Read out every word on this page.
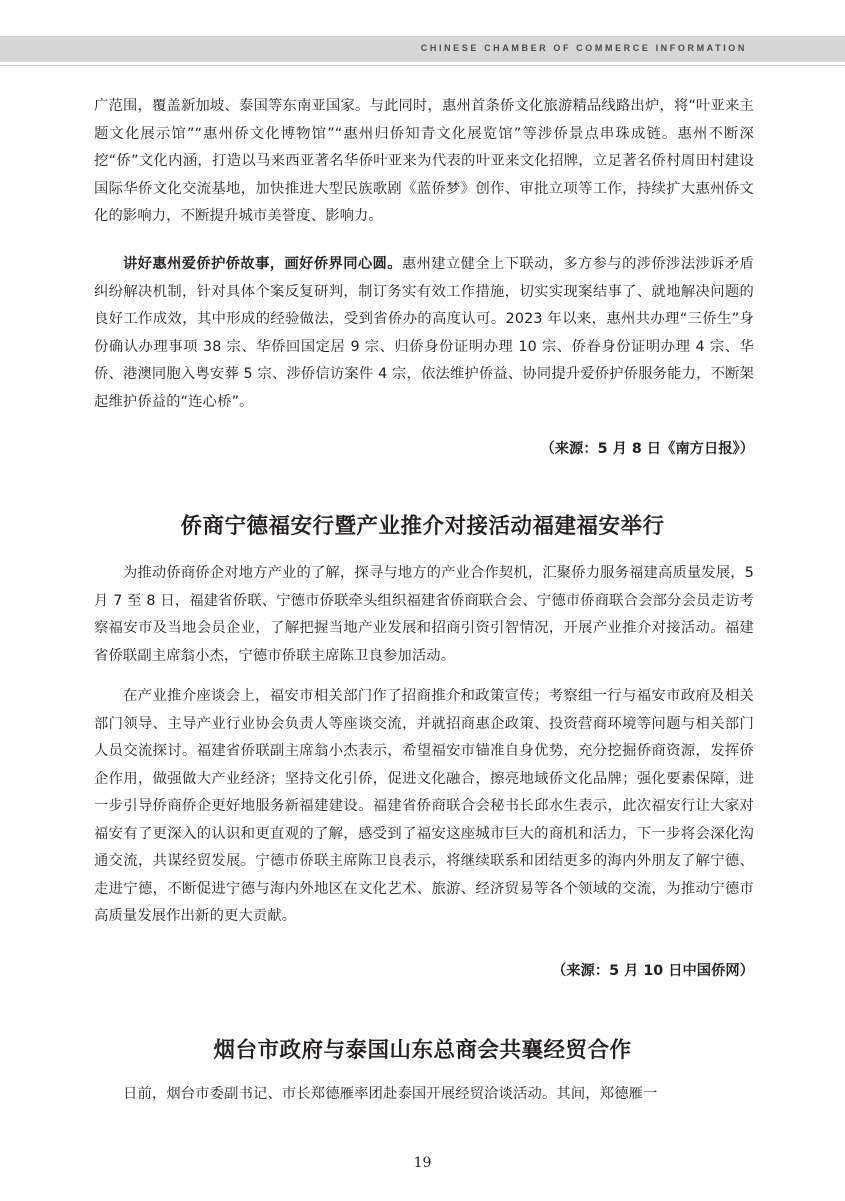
CHINESE CHAMBER OF COMMERCE INFORMATION

广范围，覆盖新加坡、泰国等东南亚国家。与此同时，惠州首条侨文化旅游精品线路出炉，将“叶亚来主题文化展示馆”“惠州侨文化博物馆”“惠州归侨知青文化展览馆”等涉侨景点串珠成链。惠州不断深挖“侨”文化内涵，打造以马来西亚著名华侨叶亚来为代表的叶亚来文化招牌，立足著名侨村周田村建设国际华侨文化交流基地，加快推进大型民族歌剧《蓝侨梦》创作、审批立项等工作，持续扩大惠州侨文化的影响力，不断提升城市美誉度、影响力。

讲好惠州爱侨护侨故事，画好侨界同心圆。惠州建立健全上下联动，多方参与的涉侨涉法涉诉矛盾纠纷解决机制，针对具体个案反复研判，制订务实有效工作措施，切实实现案结事了、就地解决问题的良好工作成效，其中形成的经验做法，受到省侨办的高度认可。2023 年以来，惠州共办理“三侨生”身份确认办理事项 38 宗、华侨回国定居 9 宗、归侨身份证明办理 10 宗、侨眷身份证明办理 4 宗、华侨、港澳同胞入粤安葬 5 宗、涉侨信访案件 4 宗，依法维护侨益、协同提升爱侨护侨服务能力，不断架起维护侨益的“连心桥”。

（来源：5 月 8 日《南方日报》）
侨商宁德福安行暨产业推介对接活动福建福安举行

为推动侨商侨企对地方产业的了解，探寻与地方的产业合作契机，汇聚侨力服务福建高质量发展，5 月 7 至 8 日，福建省侨联、宁德市侨联牵头组织福建省侨商联合会、宁德市侨商联合会部分会员走访考察福安市及当地会员企业，了解把握当地产业发展和招商引资引智情况，开展产业推介对接活动。福建省侨联副主席翁小杰，宁德市侨联主席陈卫良参加活动。

在产业推介座谈会上，福安市相关部门作了招商推介和政策宣传；考察组一行与福安市政府及相关部门领导、主导产业行业协会负责人等座谈交流，并就招商惠企政策、投资营商环境等问题与相关部门人员交流探讨。福建省侨联副主席翁小杰表示，希望福安市锚准自身优势，充分挖掘侨商资源，发挥侨企作用，做强做大产业经济；坚持文化引侨，促进文化融合，擦亮地域侨文化品牌；强化要素保障，进一步引导侨商侨企更好地服务新福建建设。福建省侨商联合会秘书长邱水生表示，此次福安行让大家对福安有了更深入的认识和更直观的了解，感受到了福安这座城市巨大的商机和活力，下一步将会深化沟通交流，共谋经贸发展。宁德市侨联主席陈卫良表示，将继续联系和团结更多的海内外朋友了解宁德、走进宁德，不断促进宁德与海内外地区在文化艺术、旅游、经济贸易等各个领域的交流，为推动宁德市高质量发展作出新的更大贡献。

（来源：5 月 10 日中国侨网）
烟台市政府与泰国山东总商会共襄经贸合作

日前，烟台市委副书记、市长郑德雁率团赴泰国开展经贸洽谈活动。其间，郑德雁一

19
